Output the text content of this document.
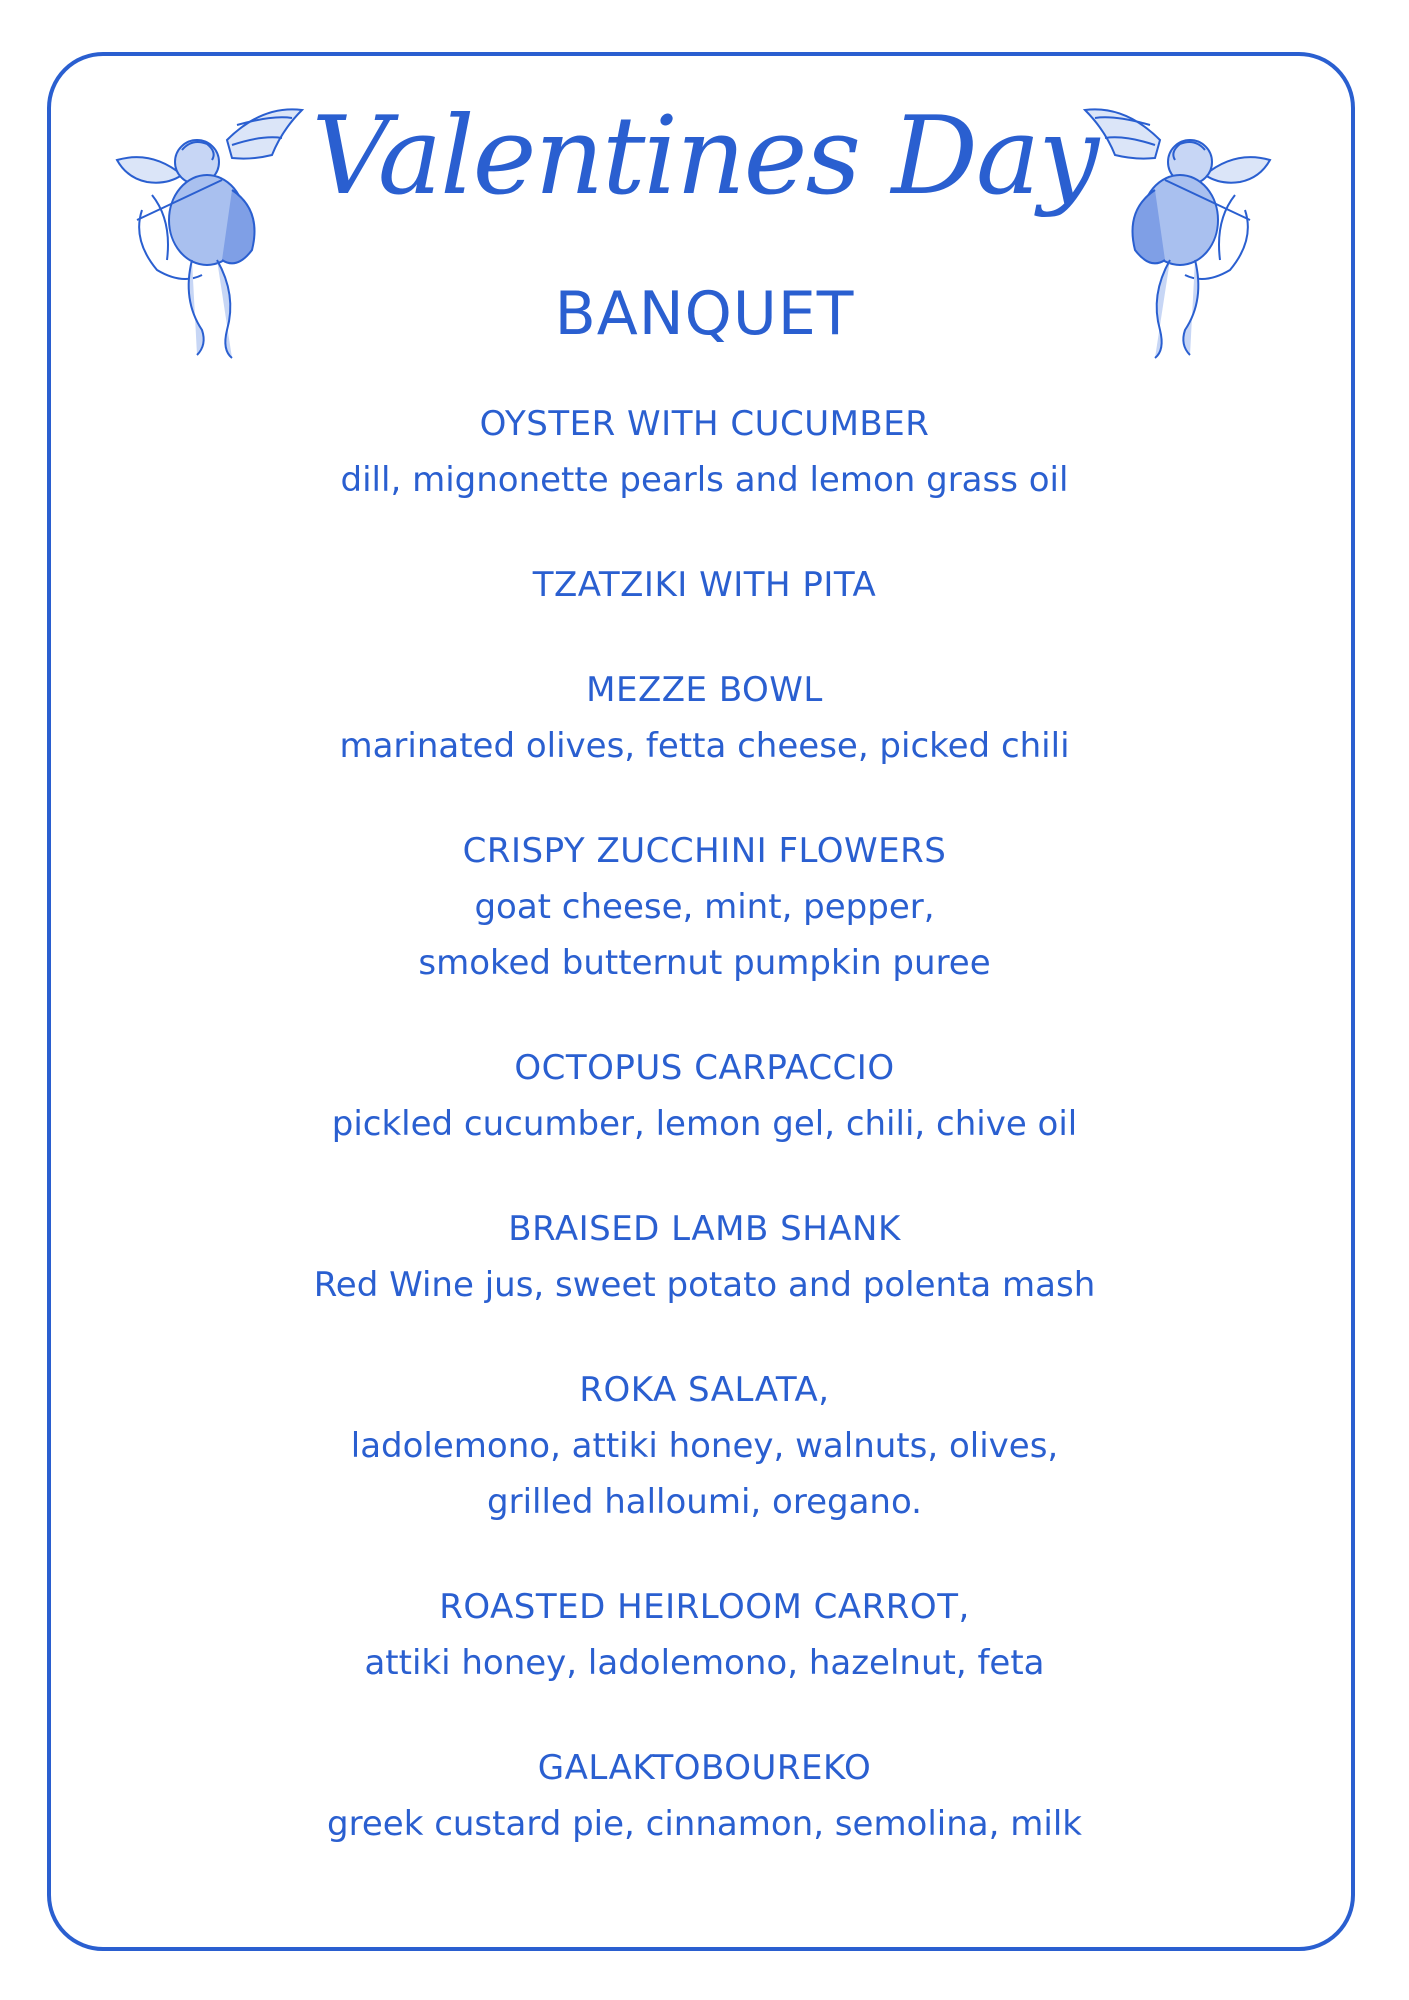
Valentines Day
BANQUET
OYSTER WITH CUCUMBER
dill, mignonette pearls and lemon grass oil
TZATZIKI WITH PITA
MEZZE BOWL
marinated olives, fetta cheese, picked chili
CRISPY ZUCCHINI FLOWERS
goat cheese, mint, pepper,
smoked butternut pumpkin puree
OCTOPUS CARPACCIO
pickled cucumber, lemon gel, chili, chive oil
BRAISED LAMB SHANK
Red Wine jus, sweet potato and polenta mash
ROKA SALATA,
ladolemono, attiki honey, walnuts, olives,
grilled halloumi, oregano.
ROASTED HEIRLOOM CARROT,
attiki honey, ladolemono, hazelnut, feta
GALAKTOBOUREKO
greek custard pie, cinnamon, semolina, milk
